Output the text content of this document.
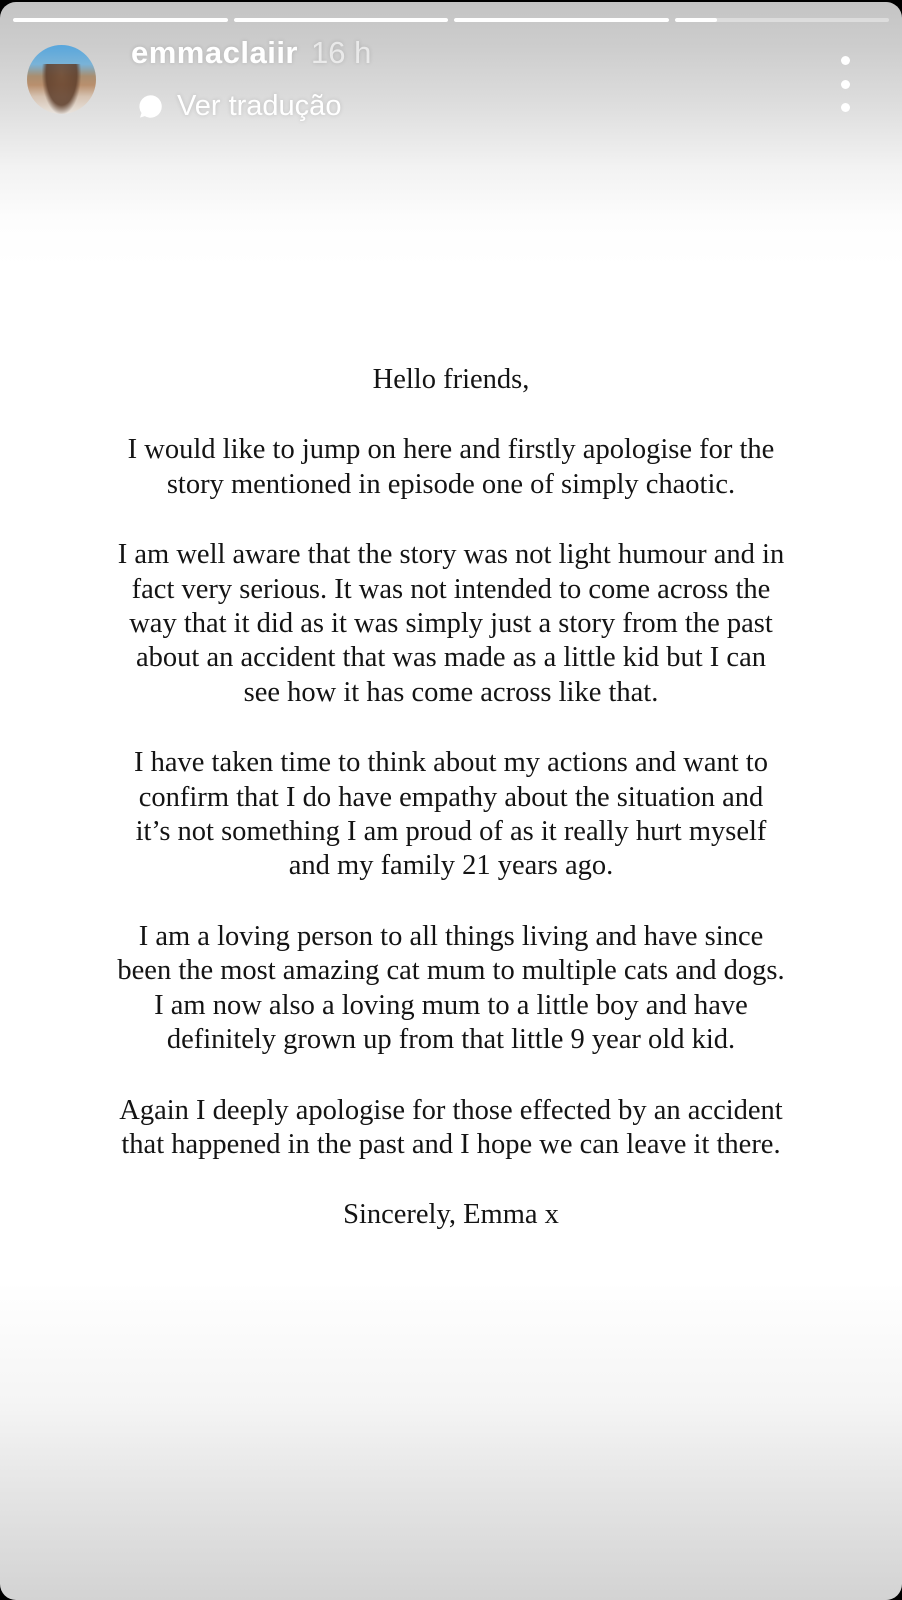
emmaclaiir 16 h
Ver tradução
Hello friends,
I would like to jump on here and firstly apologise for the
story mentioned in episode one of simply chaotic.
I am well aware that the story was not light humour and in
fact very serious. It was not intended to come across the
way that it did as it was simply just a story from the past
about an accident that was made as a little kid but I can
see how it has come across like that.
I have taken time to think about my actions and want to
confirm that I do have empathy about the situation and
it’s not something I am proud of as it really hurt myself
and my family 21 years ago.
I am a loving person to all things living and have since
been the most amazing cat mum to multiple cats and dogs.
I am now also a loving mum to a little boy and have
definitely grown up from that little 9 year old kid.
Again I deeply apologise for those effected by an accident
that happened in the past and I hope we can leave it there.
Sincerely, Emma x
